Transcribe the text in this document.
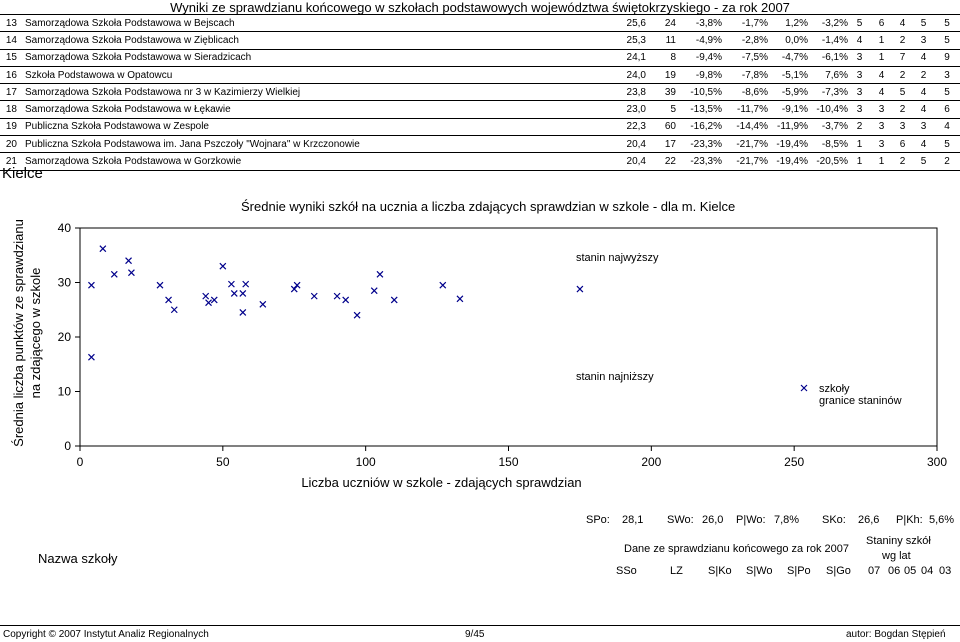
Wyniki ze sprawdzianu końcowego w szkołach podstawowych województwa świętokrzyskiego - za rok 2007
13	Samorządowa Szkoła Podstawowa w Bejscach	25,6	24	-3,8%	-1,7%	1,2%	-3,2%	5	6	4	5	5
14	Samorządowa Szkoła Podstawowa w Zięblicach	25,3	11	-4,9%	-2,8%	0,0%	-1,4%	4	1	2	3	5
15	Samorządowa Szkoła Podstawowa w Sieradzicach	24,1	8	-9,4%	-7,5%	-4,7%	-6,1%	3	1	7	4	9
16	Szkoła Podstawowa w Opatowcu	24,0	19	-9,8%	-7,8%	-5,1%	7,6%	3	4	2	2	3
17	Samorządowa Szkoła Podstawowa nr 3 w Kazimierzy Wielkiej	23,8	39	-10,5%	-8,6%	-5,9%	-7,3%	3	4	5	4	5
18	Samorządowa Szkoła Podstawowa w Łękawie	23,0	5	-13,5%	-11,7%	-9,1%	-10,4%	3	3	2	4	6
19	Publiczna Szkoła Podstawowa w Zespole	22,3	60	-16,2%	-14,4%	-11,9%	-3,7%	2	3	3	3	4
20	Publiczna Szkoła Podstawowa im. Jana Pszczoły "Wojnara" w Krzczonowie	20,4	17	-23,3%	-21,7%	-19,4%	-8,5%	1	3	6	4	5
21	Samorządowa Szkoła Podstawowa w Gorzkowie	20,4	22	-23,3%	-21,7%	-19,4%	-20,5%	1	1	2	5	2
Kielce
Średnie wyniki szkół na ucznia a liczba zdających sprawdzian w szkole - dla m. Kielce
0	50	100	150	200	250	300
0
10
20
30
40
Liczba uczniów w szkole - zdających sprawdzian
Średnia liczba punktów ze sprawdzianu na zdającego w szkole
stanin najwyższy
stanin najniższy
szkoły
granice staninów
SPo: 28,1 SWo: 26,0 P|Wo: 7,8% SKo: 26,6 P|Kh: 5,6%
Nazwa szkoły
Dane ze sprawdzianu końcowego za rok 2007
Staniny szkół
wg lat
SSo	LZ S|Ko S|Wo S|Po S|Go 07 06 05 04 03
Copyright © 2007 Instytut Analiz Regionalnych	9/45	autor: Bogdan Stępień
